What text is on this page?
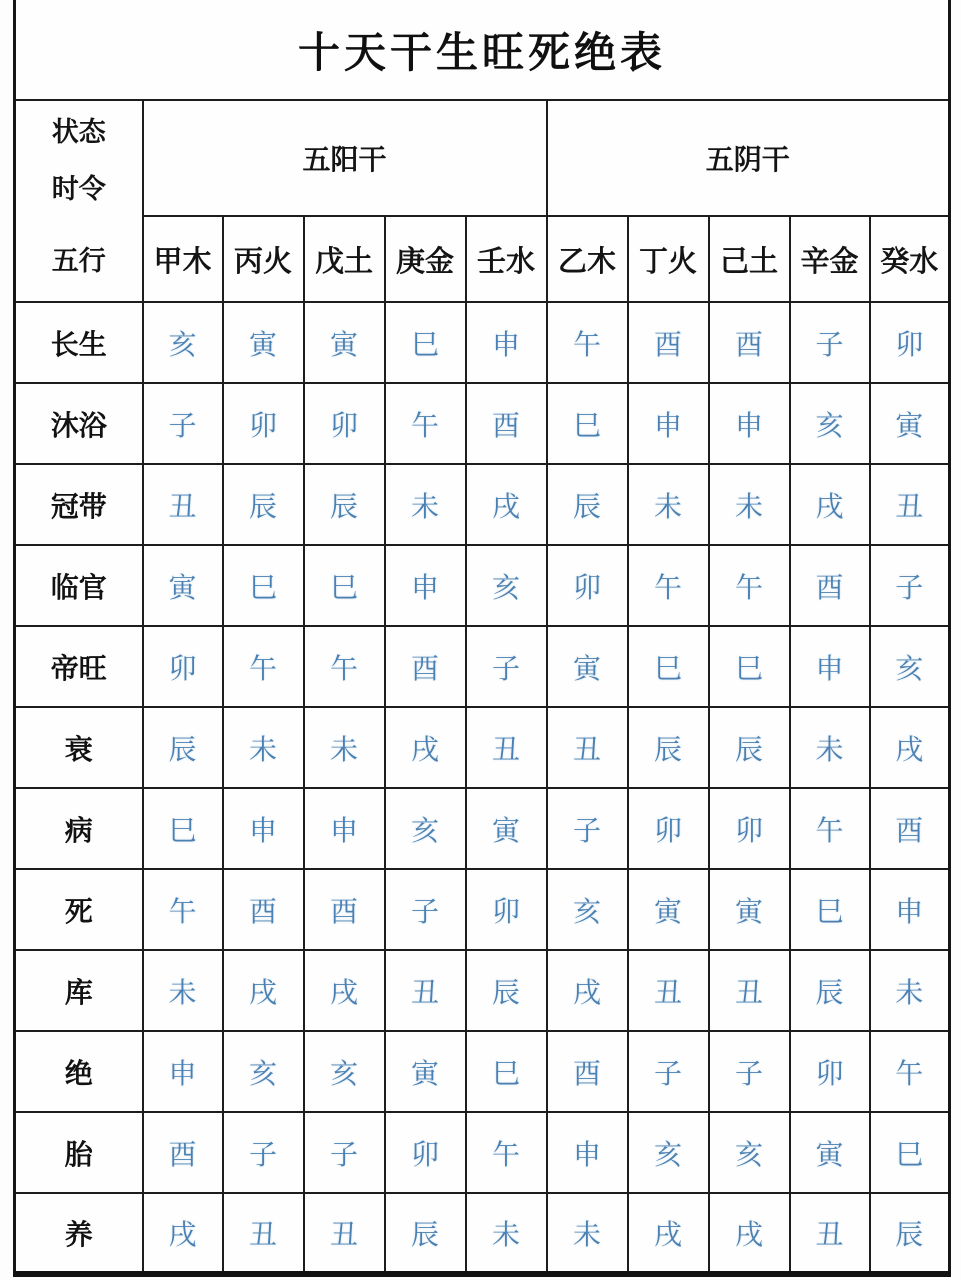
十天干生旺死绝表										

状态
时令
五行	五阳干					五阴干				
	甲木	丙火	戊土	庚金	壬水	乙木	丁火	己土	辛金	癸水
长生	亥	寅	寅	巳	申	午	酉	酉	子	卯
沐浴	子	卯	卯	午	酉	巳	申	申	亥	寅
冠带	丑	辰	辰	未	戌	辰	未	未	戌	丑
临官	寅	巳	巳	申	亥	卯	午	午	酉	子
帝旺	卯	午	午	酉	子	寅	巳	巳	申	亥
衰	辰	未	未	戌	丑	丑	辰	辰	未	戌
病	巳	申	申	亥	寅	子	卯	卯	午	酉
死	午	酉	酉	子	卯	亥	寅	寅	巳	申
库	未	戌	戌	丑	辰	戌	丑	丑	辰	未
绝	申	亥	亥	寅	巳	酉	子	子	卯	午
胎	酉	子	子	卯	午	申	亥	亥	寅	巳
养	戌	丑	丑	辰	未	未	戌	戌	丑	辰
